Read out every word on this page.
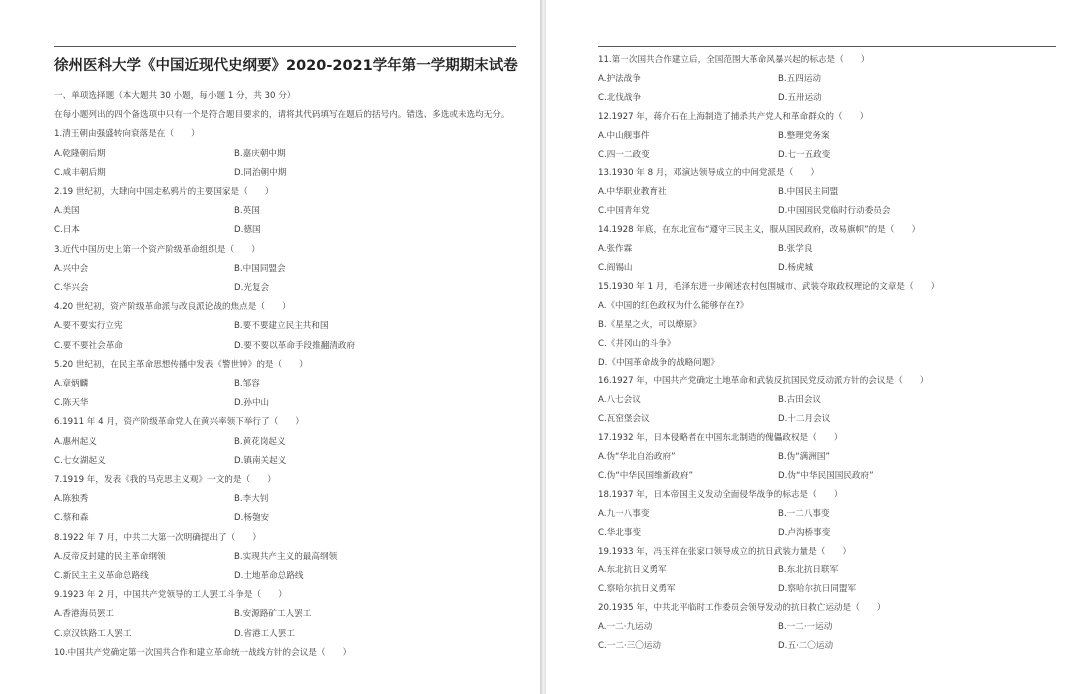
徐州医科大学《中国近现代史纲要》2020-2021学年第一学期期末试卷
一、单项选择题（本大题共 30 小题，每小题 1 分，共 30 分）
在每小题列出的四个备选项中只有一个是符合题目要求的，请将其代码填写在题后的括号内。错选、多选或未选均无分。
1.清王朝由强盛转向衰落是在（　　）
A.乾隆朝后期	B.嘉庆朝中期
C.咸丰朝后期	D.同治朝中期
2.19 世纪初，大肆向中国走私鸦片的主要国家是（　　）
A.美国	B.英国
C.日本	D.德国
3.近代中国历史上第一个资产阶级革命组织是（　　）
A.兴中会	B.中国同盟会
C.华兴会	D.光复会
4.20 世纪初，资产阶级革命派与改良派论战的焦点是（　　）
A.要不要实行立宪	B.要不要建立民主共和国
C.要不要社会革命	D.要不要以革命手段推翻清政府
5.20 世纪初，在民主革命思想传播中发表《警世钟》的是（　　）
A.章炳麟	B.邹容
C.陈天华	D.孙中山
6.1911 年 4 月，资产阶级革命党人在黄兴率领下举行了（　　）
A.惠州起义	B.黄花岗起义
C.七女湖起义	D.镇南关起义
7.1919 年，发表《我的马克思主义观》一文的是（　　）
A.陈独秀	B.李大钊
C.蔡和森	D.杨匏安
8.1922 年 7 月，中共二大第一次明确提出了（　　）
A.反帝反封建的民主革命纲领	B.实现共产主义的最高纲领
C.新民主主义革命总路线	D.土地革命总路线
9.1923 年 2 月，中国共产党领导的工人罢工斗争是（　　）
A.香港海员罢工	B.安源路矿工人罢工
C.京汉铁路工人罢工	D.省港工人罢工
10.中国共产党确定第一次国共合作和建立革命统一战线方针的会议是（　　）
11.第一次国共合作建立后，全国范围大革命风暴兴起的标志是（　　）
A.护法战争	B.五四运动
C.北伐战争	D.五卅运动
12.1927 年，蒋介石在上海制造了捕杀共产党人和革命群众的（　　）
A.中山舰事件	B.整理党务案
C.四一二政变	D.七一五政变
13.1930 年 8 月，邓演达领导成立的中间党派是（　　）
A.中华职业教育社	B.中国民主同盟
C.中国青年党	D.中国国民党临时行动委员会
14.1928 年底，在东北宣布“遵守三民主义，服从国民政府，改易旗帜”的是（　　）
A.张作霖	B.张学良
C.阎锡山	D.杨虎城
15.1930 年 1 月，毛泽东进一步阐述农村包围城市、武装夺取政权理论的文章是（　　）
A.《中国的红色政权为什么能够存在?》
B.《星星之火，可以燎原》
C.《井冈山的斗争》
D.《中国革命战争的战略问题》
16.1927 年，中国共产党确定土地革命和武装反抗国民党反动派方针的会议是（　　）
A.八七会议	B.古田会议
C.瓦窑堡会议	D.十二月会议
17.1932 年，日本侵略者在中国东北制造的傀儡政权是（　　）
A.伪“华北自治政府”	B.伪“满洲国”
C.伪“中华民国维新政府”	D.伪“中华民国国民政府”
18.1937 年，日本帝国主义发动全面侵华战争的标志是（　　）
A.九一八事变	B.一二八事变
C.华北事变	D.卢沟桥事变
19.1933 年，冯玉祥在张家口领导成立的抗日武装力量是（　　）
A.东北抗日义勇军	B.东北抗日联军
C.察哈尔抗日义勇军	D.察哈尔抗日同盟军
20.1935 年，中共北平临时工作委员会领导发动的抗日救亡运动是（　　）
A.一二·九运动	B.一二·一运动
C.一二·三〇运动	D.五·二〇运动
